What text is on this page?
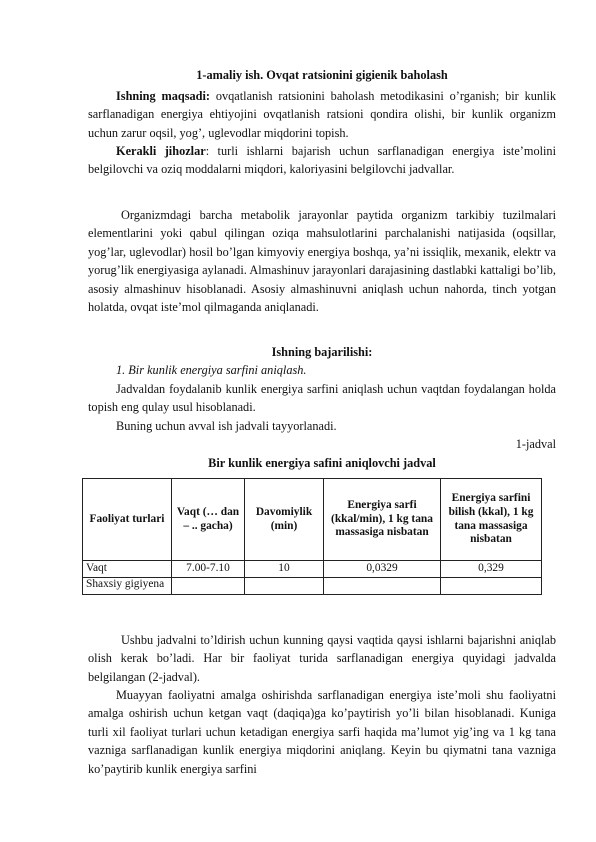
1-amaliy ish. Ovqat ratsionini gigienik baholash

Ishning maqsadi: ovqatlanish ratsionini baholash metodikasini o’rganish; bir kunlik sarflanadigan energiya ehtiyojini ovqatlanish ratsioni qondira olishi, bir kunlik organizm uchun zarur oqsil, yog’, uglevodlar miqdorini topish.

Kerakli jihozlar: turli ishlarni bajarish uchun sarflanadigan energiya iste’molini belgilovchi va oziq moddalarni miqdori, kaloriyasini belgilovchi jadvallar.

Organizmdagi barcha metabolik jarayonlar paytida organizm tarkibiy tuzilmalari elementlarini yoki qabul qilingan oziqa mahsulotlarini parchalanishi natijasida (oqsillar, yog’lar, uglevodlar) hosil bo’lgan kimyoviy energiya boshqa, ya’ni issiqlik, mexanik, elektr va yorug’lik energiyasiga aylanadi. Almashinuv jarayonlari darajasining dastlabki kattaligi bo’lib, asosiy almashinuv hisoblanadi. Asosiy almashinuvni aniqlash uchun nahorda, tinch yotgan holatda, ovqat iste’mol qilmaganda aniqlanadi.

Ishning bajarilishi:

1. Bir kunlik energiya sarfini aniqlash.

Jadvaldan foydalanib kunlik energiya sarfini aniqlash uchun vaqtdan foydalangan holda topish eng qulay usul hisoblanadi.

Buning uchun avval ish jadvali tayyorlanadi.

1-jadval
Bir kunlik energiya safini aniqlovchi jadval
Faoliyat turlari	Vaqt (… dan – .. gacha)	Davomiylik (min)	Energiya sarfi (kkal/min), 1 kg tana massasiga nisbatan	Energiya sarfini bilish (kkal), 1 kg tana massasiga nisbatan
Vaqt	7.00-7.10	10	0,0329	0,329
Shaxsiy gigiyena				

Ushbu jadvalni to’ldirish uchun kunning qaysi vaqtida qaysi ishlarni bajarishni aniqlab olish kerak bo’ladi. Har bir faoliyat turida sarflanadigan energiya quyidagi jadvalda belgilangan (2-jadval).

Muayyan faoliyatni amalga oshirishda sarflanadigan energiya iste’moli shu faoliyatni amalga oshirish uchun ketgan vaqt (daqiqa)ga ko’paytirish yo’li bilan hisoblanadi. Kuniga turli xil faoliyat turlari uchun ketadigan energiya sarfi haqida ma’lumot yig’ing va 1 kg tana vazniga sarflanadigan kunlik energiya miqdorini aniqlang. Keyin bu qiymatni tana vazniga ko’paytirib kunlik energiya sarfini
